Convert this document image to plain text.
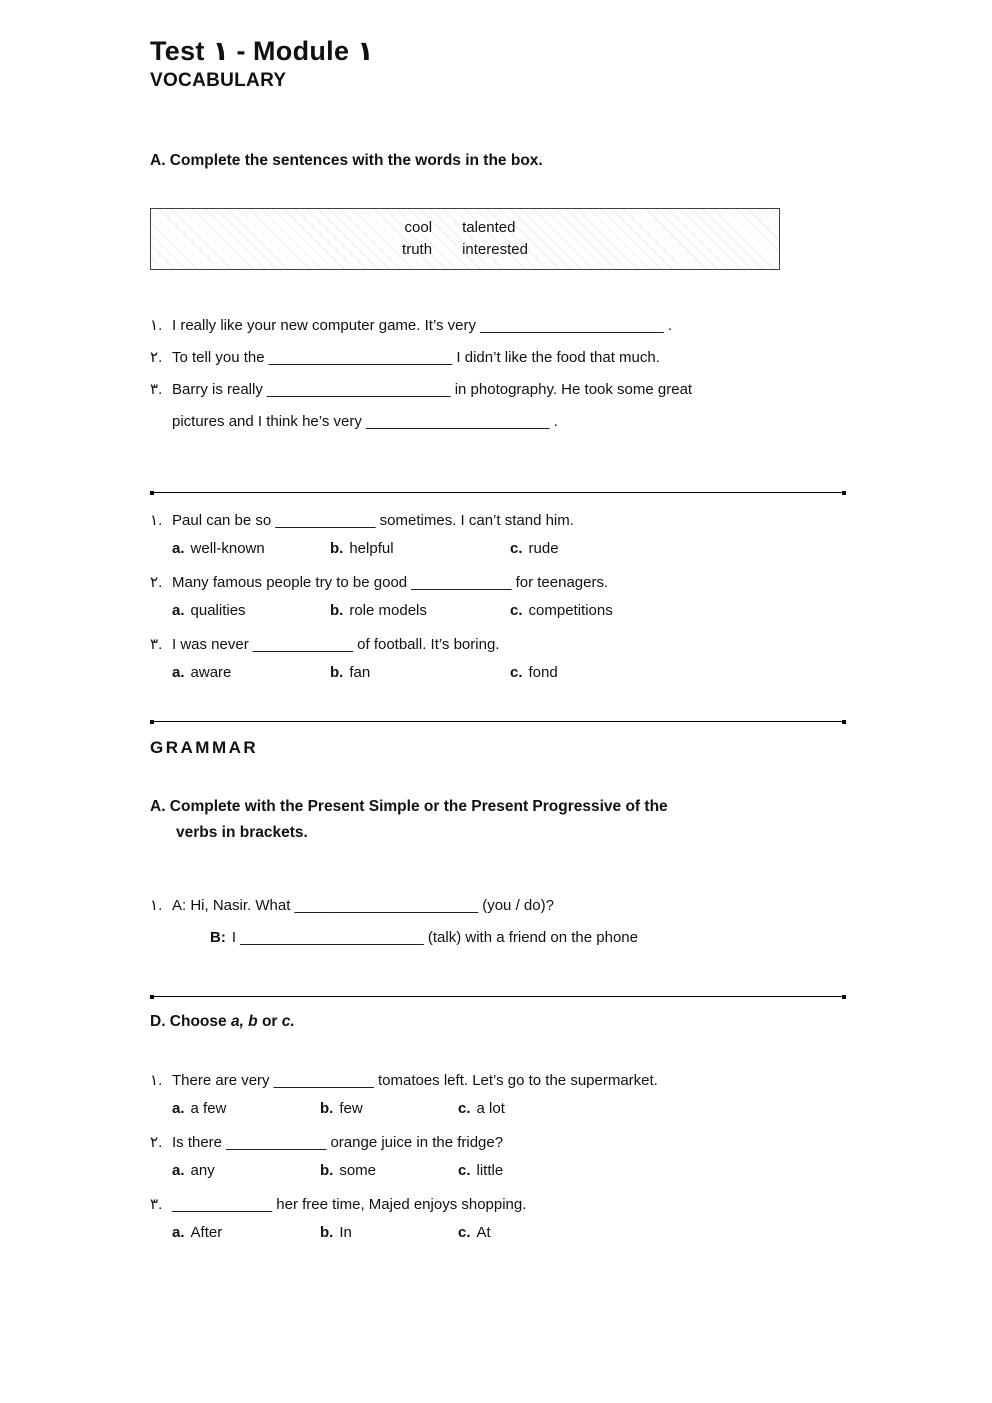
Test ١ - Module ١
VOCABULARY
A. Complete the sentences with the words in the box.
cool talented
truth interested
١. I really like your new computer game. It’s very ______________________ .
٢. To tell you the ______________________ I didn’t like the food that much.
٣. Barry is really ______________________ in photography. He took some great
pictures and I think he’s very ______________________ .
١. Paul can be so ____________ sometimes. I can’t stand him.
a. well-known	b. helpful	c. rude
٢. Many famous people try to be good ____________ for teenagers.
a. qualities	b. role models	c. competitions
٣. I was never ____________ of football. It’s boring.
a. aware	b. fan	c. fond
GRAMMAR
A. Complete with the Present Simple or the Present Progressive of the
verbs in brackets.
١. A: Hi, Nasir. What ______________________ (you / do)?
B: I ______________________ (talk) with a friend on the phone
D. Choose a, b or c.
١. There are very ____________ tomatoes left. Let’s go to the supermarket.
a. a few	b. few	c. a lot
٢. Is there ____________ orange juice in the fridge?
a. any	b. some	c. little
٣. ____________ her free time, Majed enjoys shopping.
a. After	b. In	c. At
